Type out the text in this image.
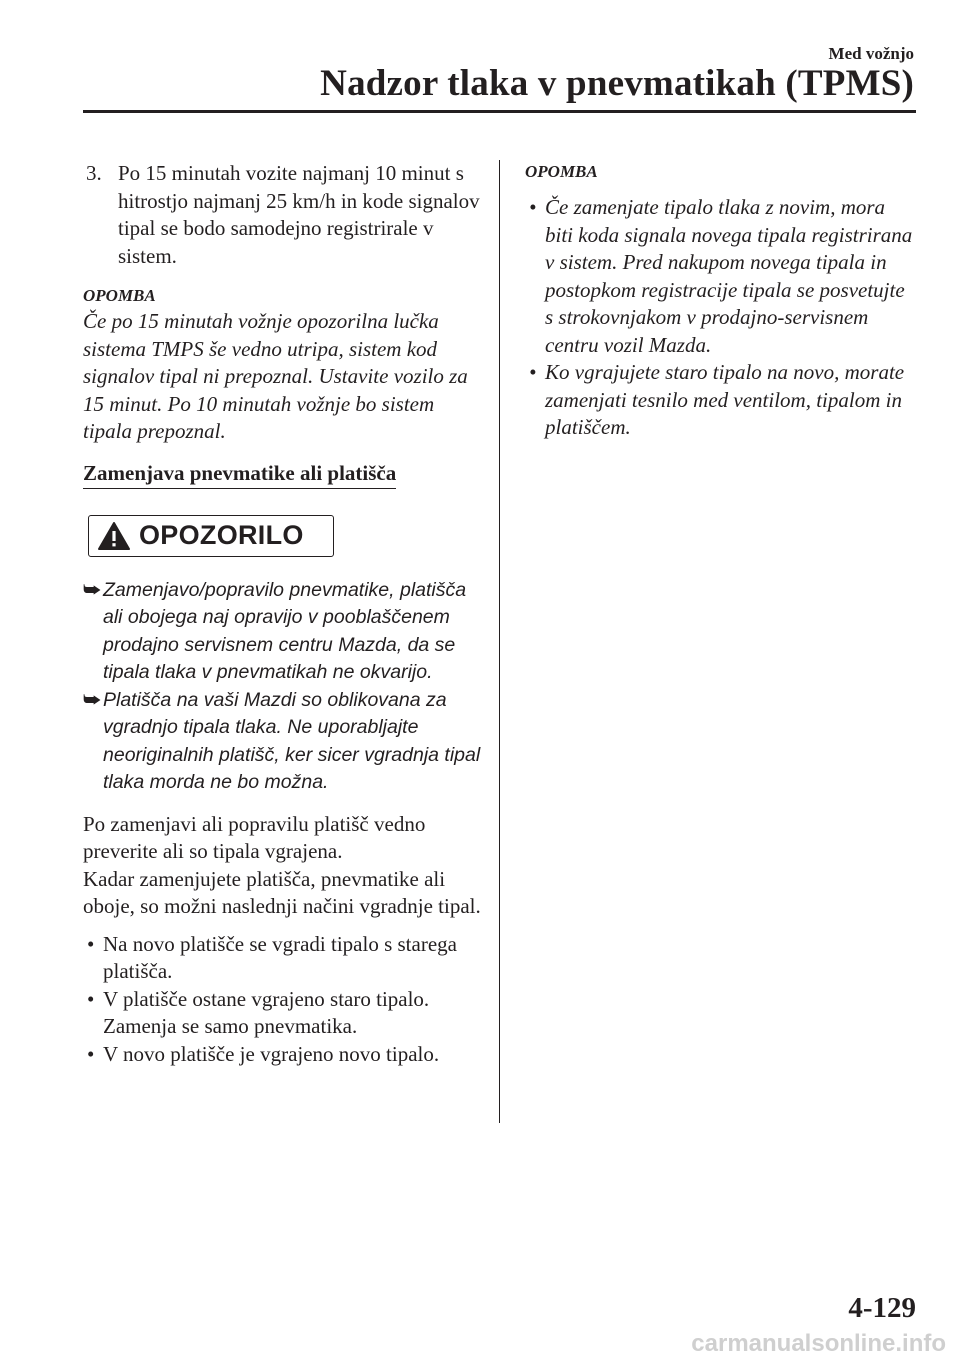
Med vožnjo
Nadzor tlaka v pnevmatikah (TPMS)
3. Po 15 minutah vozite najmanj 10 minut s hitrostjo najmanj 25 km/h in kode signalov tipal se bodo samodejno registrirale v sistem.
OPOMBA
Če po 15 minutah vožnje opozorilna lučka sistema TMPS še vedno utripa, sistem kod signalov tipal ni prepoznal. Ustavite vozilo za 15 minut. Po 10 minutah vožnje bo sistem tipala prepoznal.
Zamenjava pnevmatike ali platišča
OPOZORILO
⮩ Zamenjavo/popravilo pnevmatike, platišča ali obojega naj opravijo v pooblaščenem prodajno servisnem centru Mazda, da se tipala tlaka v pnevmatikah ne okvarijo.
⮩ Platišča na vaši Mazdi so oblikovana za vgradnjo tipala tlaka. Ne uporabljajte neoriginalnih platišč, ker sicer vgradnja tipal tlaka morda ne bo možna.
Po zamenjavi ali popravilu platišč vedno preverite ali so tipala vgrajena.
Kadar zamenjujete platišča, pnevmatike ali oboje, so možni naslednji načini vgradnje tipal.
• Na novo platišče se vgradi tipalo s starega platišča.
• V platišče ostane vgrajeno staro tipalo. Zamenja se samo pnevmatika.
• V novo platišče je vgrajeno novo tipalo.
OPOMBA
• Če zamenjate tipalo tlaka z novim, mora biti koda signala novega tipala registrirana v sistem. Pred nakupom novega tipala in postopkom registracije tipala se posvetujte s strokovnjakom v prodajno-servisnem centru vozil Mazda.
• Ko vgrajujete staro tipalo na novo, morate zamenjati tesnilo med ventilom, tipalom in platiščem.
4-129
carmanualsonline.info
